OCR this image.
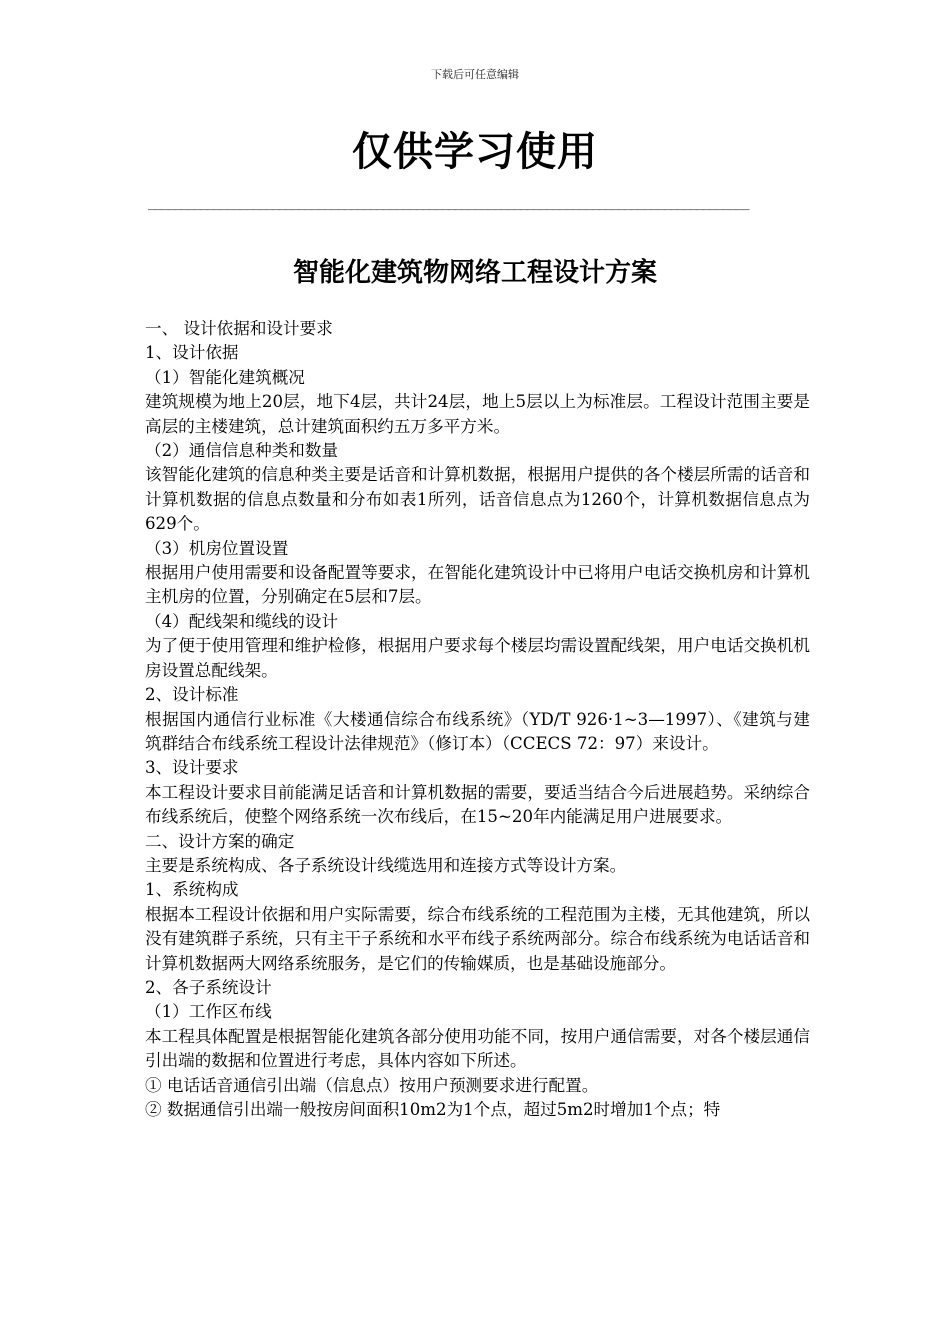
下载后可任意编辑
仅供学习使用
____________________________________________________________________________________________
智能化建筑物网络工程设计方案

一、 设计依据和设计要求

1、设计依据

（1）智能化建筑概况

建筑规模为地上20层，地下4层，共计24层，地上5层以上为标准层。工程设计范围主要是高层的主楼建筑，总计建筑面积约五万多平方米。

（2）通信信息种类和数量

该智能化建筑的信息种类主要是话音和计算机数据，根据用户提供的各个楼层所需的话音和计算机数据的信息点数量和分布如表1所列，话音信息点为1260个，计算机数据信息点为629个。

（3）机房位置设置

根据用户使用需要和设备配置等要求，在智能化建筑设计中已将用户电话交换机房和计算机主机房的位置，分别确定在5层和7层。

（4）配线架和缆线的设计

为了便于使用管理和维护检修，根据用户要求每个楼层均需设置配线架，用户电话交换机机房设置总配线架。

2、设计标准

根据国内通信行业标准《大楼通信综合布线系统》（YD/T 926·1~3—1997）、《建筑与建筑群结合布线系统工程设计法律规范》（修订本）（CCECS 72：97）来设计。

3、设计要求

本工程设计要求目前能满足话音和计算机数据的需要，要适当结合今后进展趋势。采纳综合布线系统后，使整个网络系统一次布线后，在15~20年内能满足用户进展要求。

二、设计方案的确定

主要是系统构成、各子系统设计线缆选用和连接方式等设计方案。

1、系统构成

根据本工程设计依据和用户实际需要，综合布线系统的工程范围为主楼，无其他建筑，所以没有建筑群子系统，只有主干子系统和水平布线子系统两部分。综合布线系统为电话话音和计算机数据两大网络系统服务，是它们的传输媒质，也是基础设施部分。

2、各子系统设计

（1）工作区布线

本工程具体配置是根据智能化建筑各部分使用功能不同，按用户通信需要，对各个楼层通信引出端的数据和位置进行考虑，具体内容如下所述。

① 电话话音通信引出端（信息点）按用户预测要求进行配置。

② 数据通信引出端一般按房间面积10m2为1个点，超过5m2时增加1个点；特
